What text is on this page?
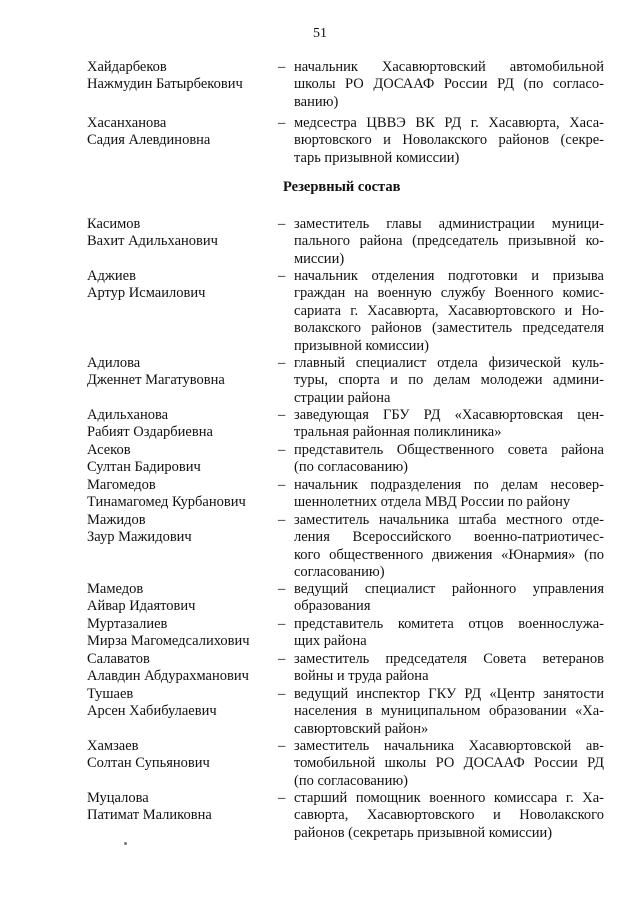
51
Хайдарбеков
Нажмудин Батырбекович
– начальник Хасавюртовский автомобильной
школы РО ДОСААФ России РД (по согласо-
ванию)
Хасанханова
Садия Алевдиновна
– медсестра ЦВВЭ ВК РД г. Хасавюрта, Хаса-
вюртовского и Новолакского районов (секре-
тарь призывной комиссии)
Резервный состав
Касимов
Вахит Адильханович
– заместитель главы администрации муници-
пального района (председатель призывной ко-
миссии)
Аджиев
Артур Исмаилович
– начальник отделения подготовки и призыва
граждан на военную службу Военного комис-
сариата г. Хасавюрта, Хасавюртовского и Но-
волакского районов (заместитель председателя
призывной комиссии)
Адилова
Дженнет Магатувовна
– главный специалист отдела физической куль-
туры, спорта и по делам молодежи админи-
страции района
Адильханова
Рабият Оздарбиевна
– заведующая ГБУ РД «Хасавюртовская цен-
тральная районная поликлиника»
Асеков
Султан Бадирович
– представитель Общественного совета района
(по согласованию)
Магомедов
Тинамагомед Курбанович
– начальник подразделения по делам несовер-
шеннолетних отдела МВД России по району
Мажидов
Заур Мажидович
– заместитель начальника штаба местного отде-
ления Всероссийского военно-патриотичес-
кого общественного движения «Юнармия» (по
согласованию)
Мамедов
Айвар Идаятович
– ведущий специалист районного управления
образования
Муртазалиев
Мирза Магомедсалихович
– представитель комитета отцов военнослужа-
щих района
Салаватов
Алавдин Абдурахманович
– заместитель председателя Совета ветеранов
войны и труда района
Тушаев
Арсен Хабибулаевич
– ведущий инспектор ГКУ РД «Центр занятости
населения в муниципальном образовании «Ха-
савюртовский район»
Хамзаев
Солтан Супьянович
– заместитель начальника Хасавюртовской ав-
томобильной школы РО ДОСААФ России РД
(по согласованию)
Муцалова
Патимат Маликовна
– старший помощник военного комиссара г. Ха-
савюрта, Хасавюртовского и Новолакского
районов (секретарь призывной комиссии)
